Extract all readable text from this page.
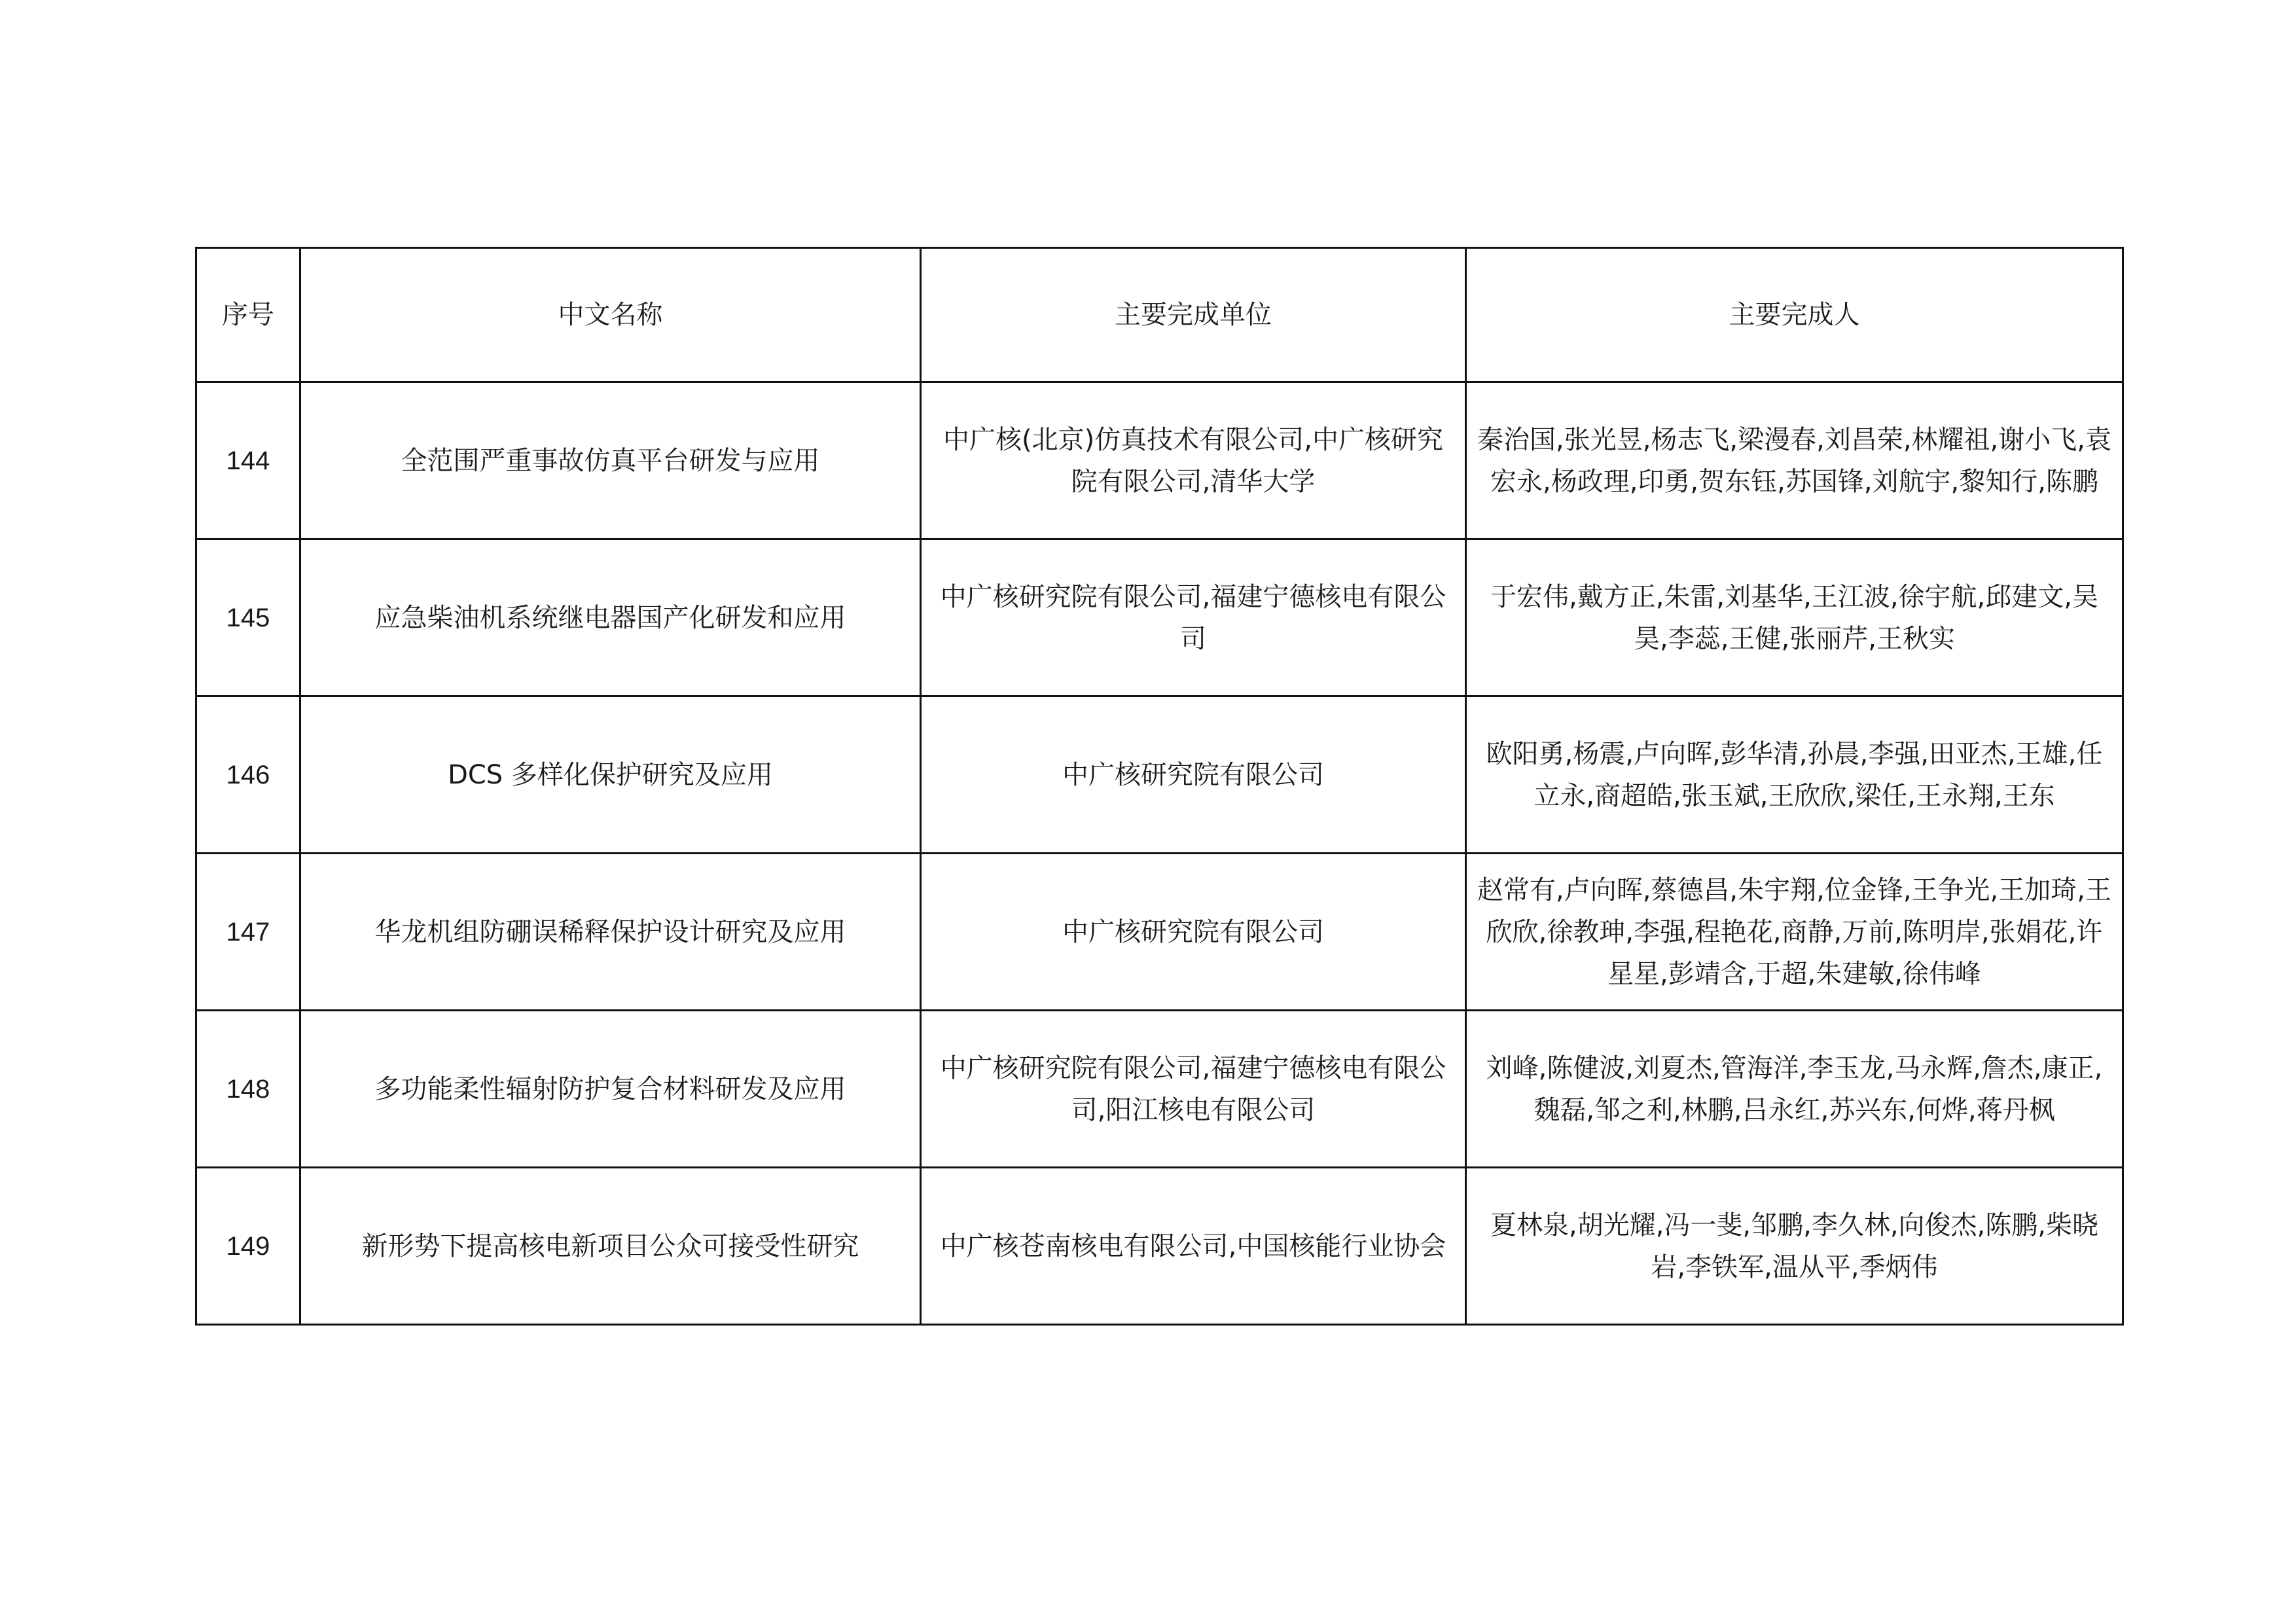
序号	中文名称	主要完成单位	主要完成人
144	全范围严重事故仿真平台研发与应用	中广核(北京)仿真技术有限公司,中广核研究院有限公司,清华大学	秦治国,张光昱,杨志飞,梁漫春,刘昌荣,林耀祖,谢小飞,袁宏永,杨政理,印勇,贺东钰,苏国锋,刘航宇,黎知行,陈鹏
145	应急柴油机系统继电器国产化研发和应用	中广核研究院有限公司,福建宁德核电有限公司	于宏伟,戴方正,朱雷,刘基华,王江波,徐宇航,邱建文,吴昊,李蕊,王健,张丽芹,王秋实
146	DCS 多样化保护研究及应用	中广核研究院有限公司	欧阳勇,杨震,卢向晖,彭华清,孙晨,李强,田亚杰,王雄,任立永,商超皓,张玉斌,王欣欣,梁任,王永翔,王东
147	华龙机组防硼误稀释保护设计研究及应用	中广核研究院有限公司	赵常有,卢向晖,蔡德昌,朱宇翔,位金锋,王争光,王加琦,王欣欣,徐教珅,李强,程艳花,商静,万前,陈明岸,张娟花,许星星,彭靖含,于超,朱建敏,徐伟峰
148	多功能柔性辐射防护复合材料研发及应用	中广核研究院有限公司,福建宁德核电有限公司,阳江核电有限公司	刘峰,陈健波,刘夏杰,管海洋,李玉龙,马永辉,詹杰,康正,魏磊,邹之利,林鹏,吕永红,苏兴东,何烨,蒋丹枫
149	新形势下提高核电新项目公众可接受性研究	中广核苍南核电有限公司,中国核能行业协会	夏林泉,胡光耀,冯一斐,邹鹏,李久林,向俊杰,陈鹏,柴晓岩,李铁军,温从平,季炳伟
